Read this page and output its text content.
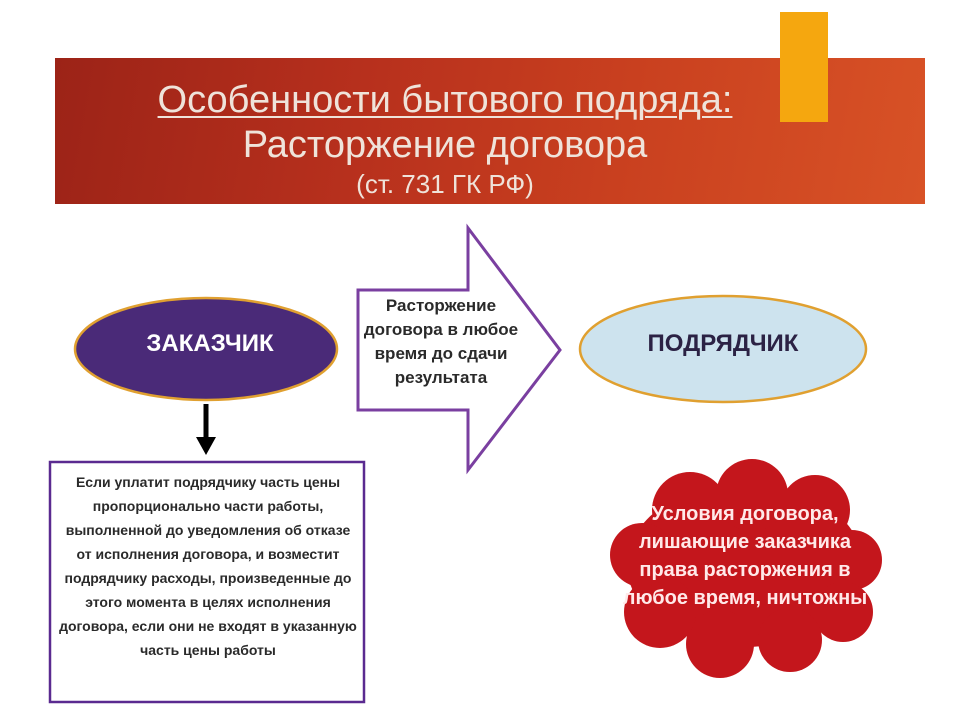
Особенности бытового подряда:
Расторжение договора
(ст. 731 ГК РФ)
ЗАКАЗЧИК	ПОДРЯДЧИК
Расторжение договора в любое время до сдачи результата
Если уплатит подрядчику часть цены пропорционально части работы, выполненной до уведомления об отказе от исполнения договора, и возместит подрядчику расходы, произведенные до этого момента в целях исполнения договора, если они не входят в указанную часть цены работы
Условия договора, лишающие заказчика права расторжения в любое время, ничтожны
